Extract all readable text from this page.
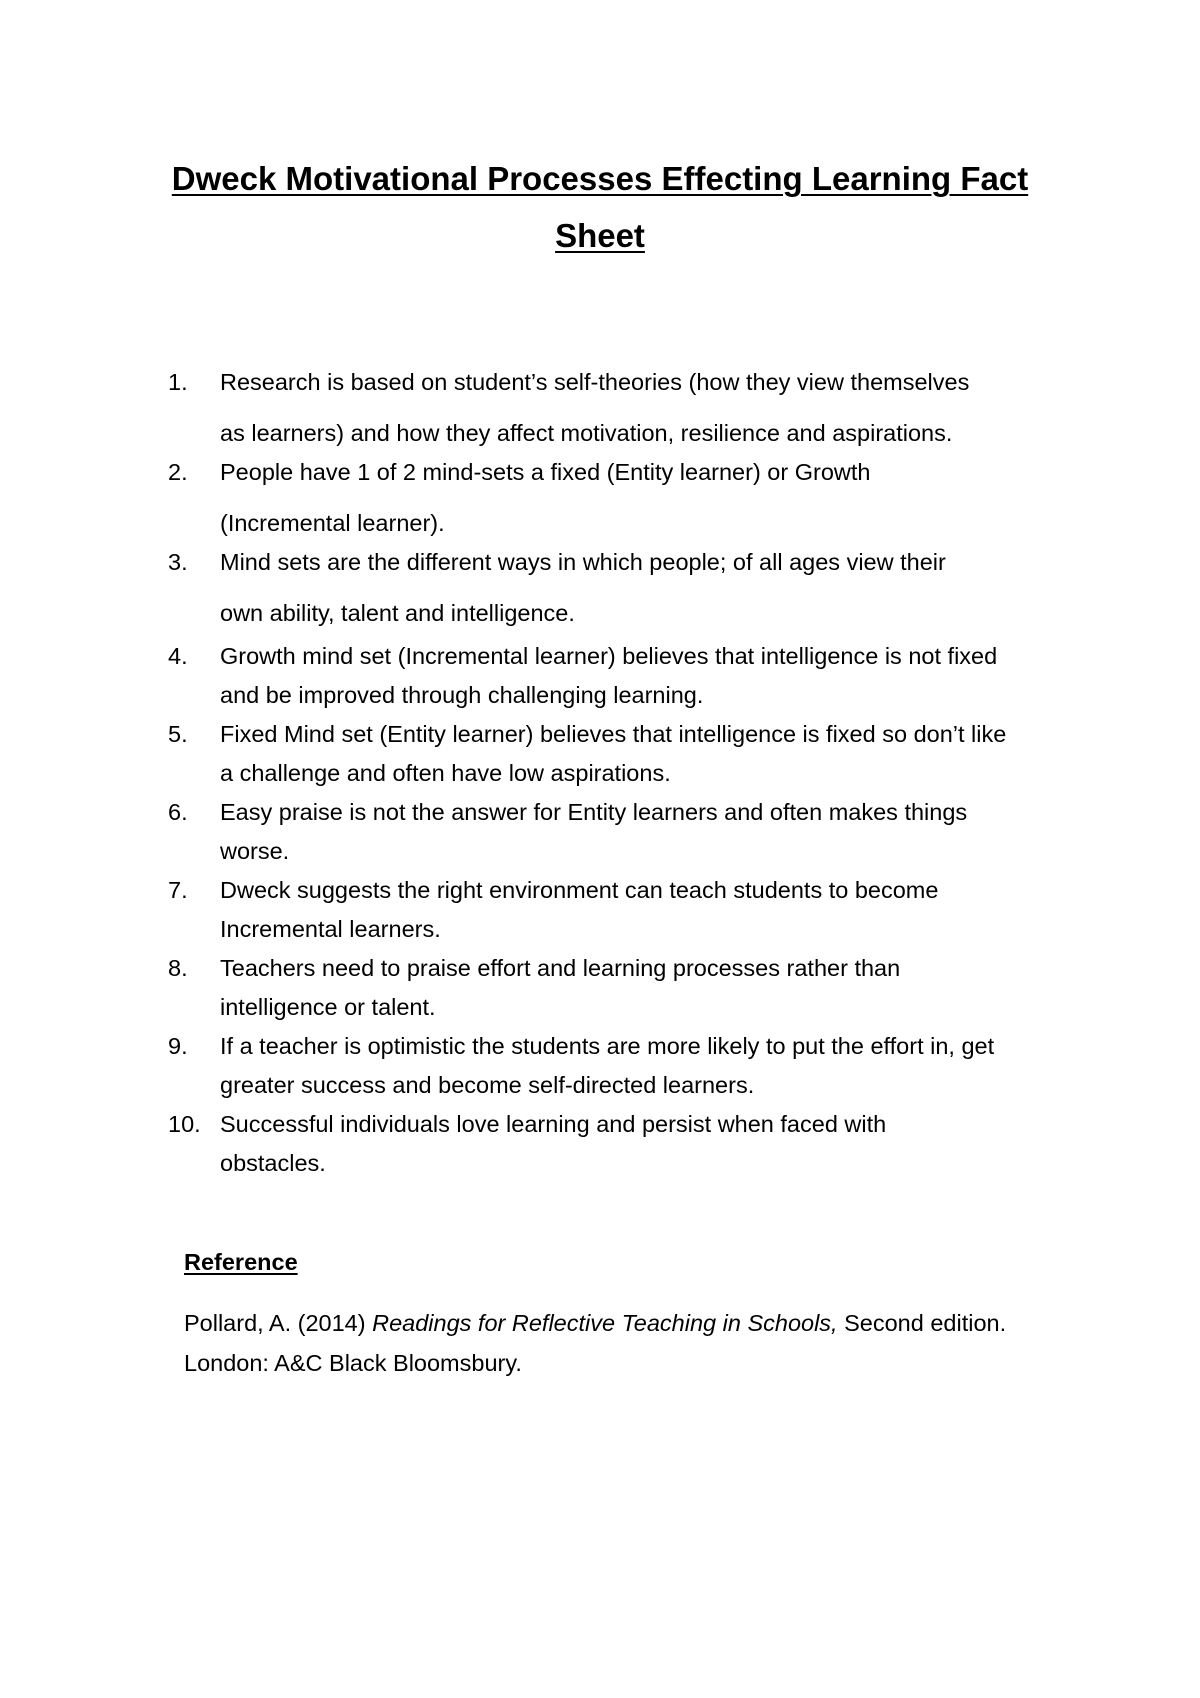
Dweck Motivational Processes Effecting Learning Fact Sheet
1. Research is based on student’s self-theories (how they view themselves as learners) and how they affect motivation, resilience and aspirations.
2. People have 1 of 2 mind-sets a fixed (Entity learner) or Growth (Incremental learner).
3. Mind sets are the different ways in which people; of all ages view their own ability, talent and intelligence.
4. Growth mind set (Incremental learner) believes that intelligence is not fixed and be improved through challenging learning.
5. Fixed Mind set (Entity learner) believes that intelligence is fixed so don’t like a challenge and often have low aspirations.
6. Easy praise is not the answer for Entity learners and often makes things worse.
7. Dweck suggests the right environment can teach students to become Incremental learners.
8. Teachers need to praise effort and learning processes rather than intelligence or talent.
9. If a teacher is optimistic the students are more likely to put the effort in, get greater success and become self-directed learners.
10. Successful individuals love learning and persist when faced with obstacles.

Reference

Pollard, A. (2014) Readings for Reflective Teaching in Schools, Second edition. London: A&C Black Bloomsbury.
